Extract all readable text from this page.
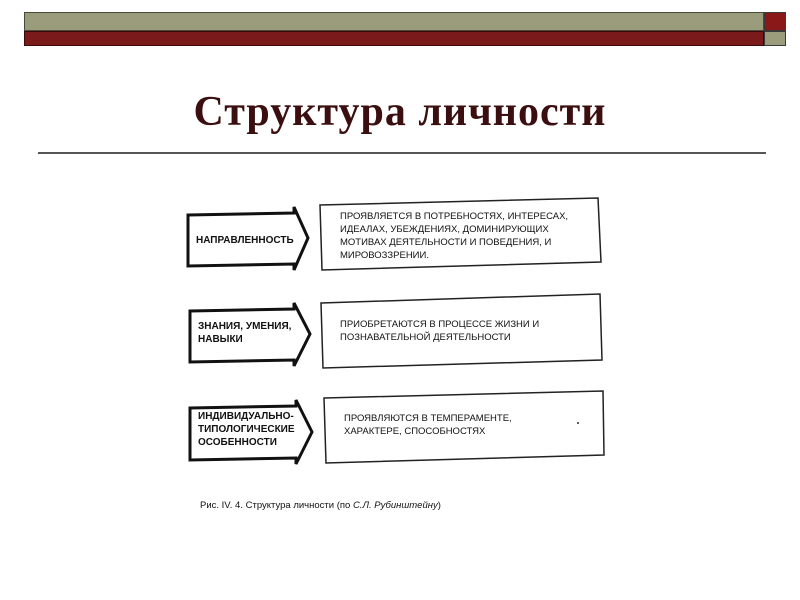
Структура личности
НАПРАВЛЕННОСТЬ
ПРОЯВЛЯЕТСЯ В ПОТРЕБНОСТЯХ, ИНТЕРЕСАХ, ИДЕАЛАХ, УБЕЖДЕНИЯХ, ДОМИНИРУЮЩИХ МОТИВАХ ДЕЯТЕЛЬНОСТИ И ПОВЕДЕНИЯ, И МИРОВОЗЗРЕНИИ.
ЗНАНИЯ, УМЕНИЯ, НАВЫКИ
ПРИОБРЕТАЮТСЯ В ПРОЦЕССЕ ЖИЗНИ И ПОЗНАВАТЕЛЬНОЙ ДЕЯТЕЛЬНОСТИ
ИНДИВИДУАЛЬНО-ТИПОЛОГИЧЕСКИЕ ОСОБЕННОСТИ
ПРОЯВЛЯЮТСЯ В ТЕМПЕРАМЕНТЕ, ХАРАКТЕРЕ, СПОСОБНОСТЯХ
Рис. IV. 4. Структура личности (по С.Л. Рубинштейну)
